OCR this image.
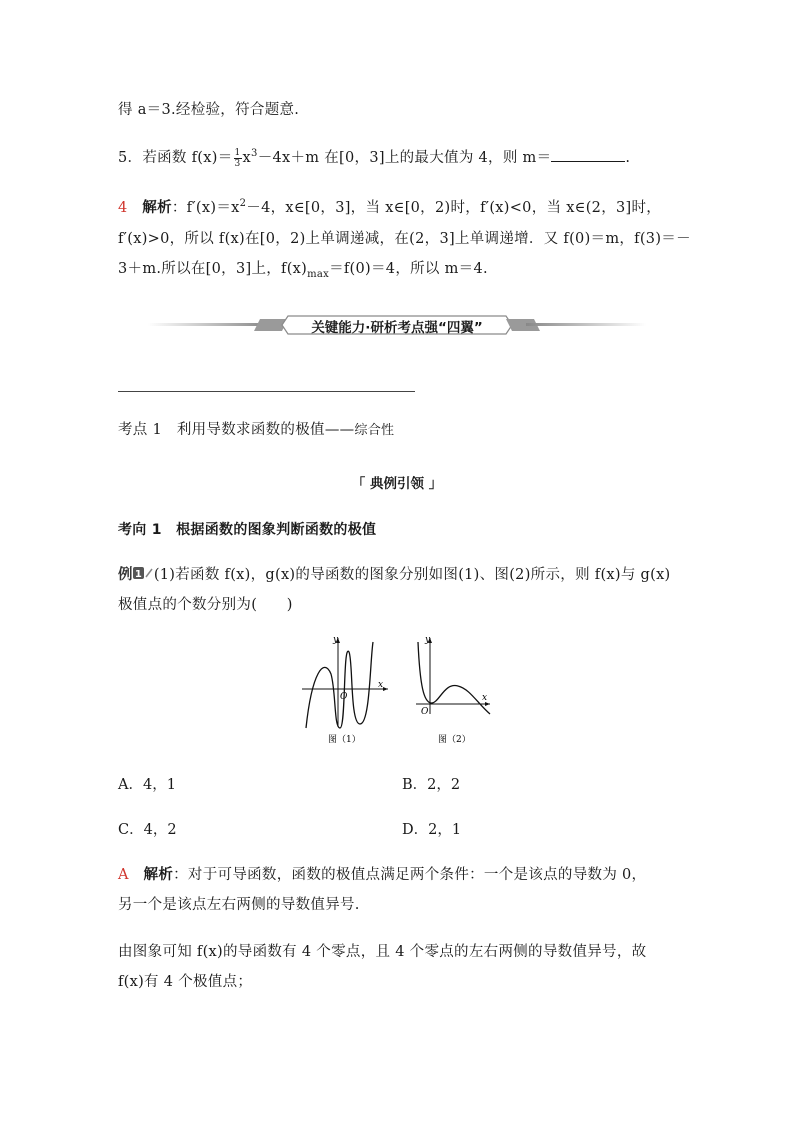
得 a＝3.经检验，符合题意.
5．若函数 $f(x)= \frac{1}{3} x^3-4x+m$ 在[0，3]上的最大值为 4，则 m＝	.
4 解析：$f'(x)=x^2-4$，x∈[0，3]，当 x∈[0，2)时，f′(x)<0，当 x∈(2，3]时，
f′(x)>0，所以 f(x)在[0，2)上单调递减，在(2，3]上单调递增．又 f(0)＝m，f(3)＝－
3＋m.所以在[0，3]上，$f(x)_{max}=f(0)=4$，所以 m＝4.
关键能力·研析考点强“四翼”
考点 1　利用导数求函数的极值——综合性
「 典例引领 」
考向 1　根据函数的图象判断函数的极值
例 1 (1)若函数 f(x)，g(x)的导函数的图象分别如图(1)、图(2)所示，则 f(x)与 g(x)
极值点的个数分别为(　　)
y
x
O
图（1）
y
x
O
图（2）
A．4，1	B．2，2
C．4，2	D．2，1
A 解析：对于可导函数，函数的极值点满足两个条件：一个是该点的导数为 0，
另一个是该点左右两侧的导数值异号.
由图象可知 f(x)的导函数有 4 个零点，且 4 个零点的左右两侧的导数值异号，故
f(x)有 4 个极值点；
